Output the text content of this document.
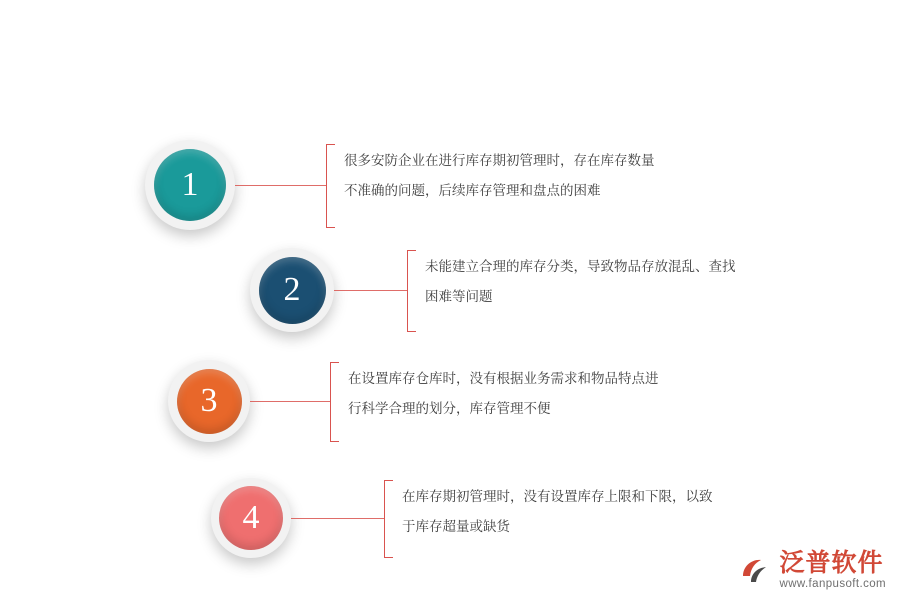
1
很多安防企业在进行库存期初管理时，存在库存数量
不准确的问题，后续库存管理和盘点的困难
2
未能建立合理的库存分类，导致物品存放混乱、查找
困难等问题
3
在设置库存仓库时，没有根据业务需求和物品特点进
行科学合理的划分，库存管理不便
4
在库存期初管理时，没有设置库存上限和下限，以致
于库存超量或缺货
泛普软件
www.fanpusoft.com
